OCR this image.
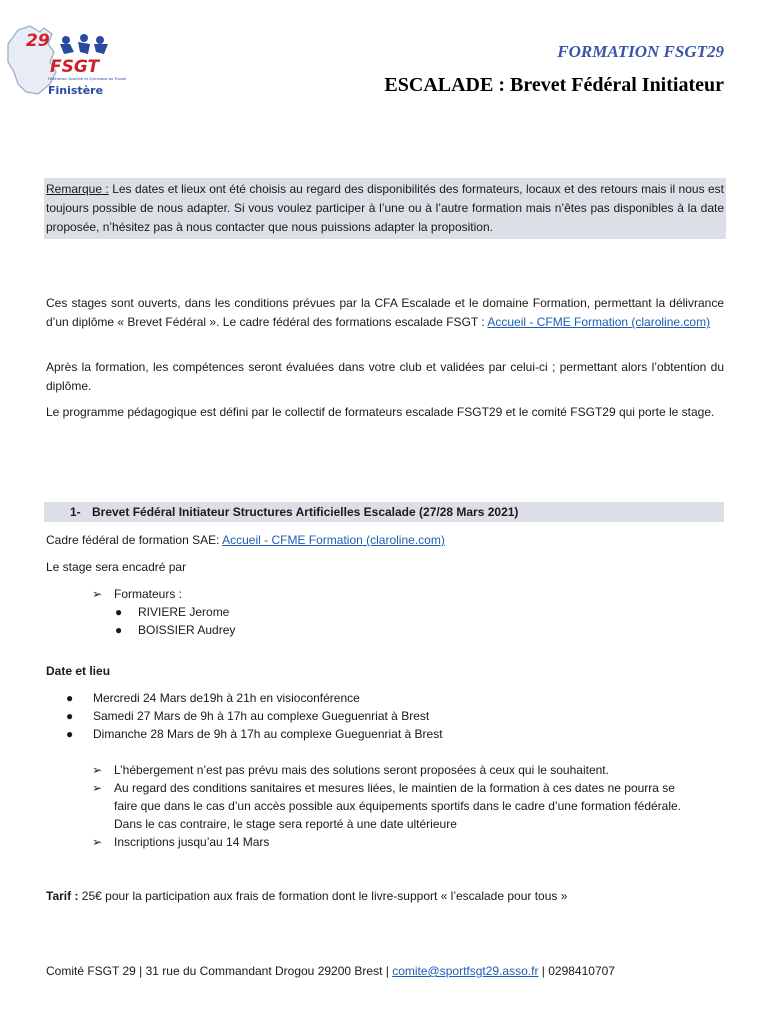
29
FSGT
Fédération Sportive et Gymnique du Travail
Finistère
FORMATION FSGT29
ESCALADE : Brevet Fédéral Initiateur
Remarque : Les dates et lieux ont été choisis au regard des disponibilités des formateurs, locaux et des retours mais il nous est toujours possible de nous adapter. Si vous voulez participer à l’une ou à l’autre formation mais n’êtes pas disponibles à la date proposée, n’hésitez pas à nous contacter que nous puissions adapter la proposition.
Ces stages sont ouverts, dans les conditions prévues par la CFA Escalade et le domaine Formation, permettant la délivrance d’un diplôme « Brevet Fédéral ». Le cadre fédéral des formations escalade FSGT : Accueil - CFME Formation (claroline.com)
Après la formation, les compétences seront évaluées dans votre club et validées par celui-ci ; permettant alors l’obtention du diplôme.
Le programme pédagogique est défini par le collectif de formateurs escalade FSGT29 et le comité FSGT29 qui porte le stage.
1- Brevet Fédéral Initiateur Structures Artificielles Escalade (27/28 Mars 2021)
Cadre fédéral de formation SAE: Accueil - CFME Formation (claroline.com)
Le stage sera encadré par
➢ Formateurs :
● RIVIERE Jerome
● BOISSIER Audrey
Date et lieu
● Mercredi 24 Mars de19h à 21h en visioconférence
● Samedi 27 Mars de 9h à 17h au complexe Gueguenriat à Brest
● Dimanche 28 Mars de 9h à 17h au complexe Gueguenriat à Brest
➢ L’hébergement n’est pas prévu mais des solutions seront proposées à ceux qui le souhaitent.
➢ Au regard des conditions sanitaires et mesures liées, le maintien de la formation à ces dates ne pourra se
faire que dans le cas d’un accès possible aux équipements sportifs dans le cadre d’une formation fédérale.
Dans le cas contraire, le stage sera reporté à une date ultérieure
➢ Inscriptions jusqu’au 14 Mars
Tarif : 25€ pour la participation aux frais de formation dont le livre-support « l’escalade pour tous »
Comité FSGT 29 | 31 rue du Commandant Drogou 29200 Brest | comite@sportfsgt29.asso.fr | 0298410707
